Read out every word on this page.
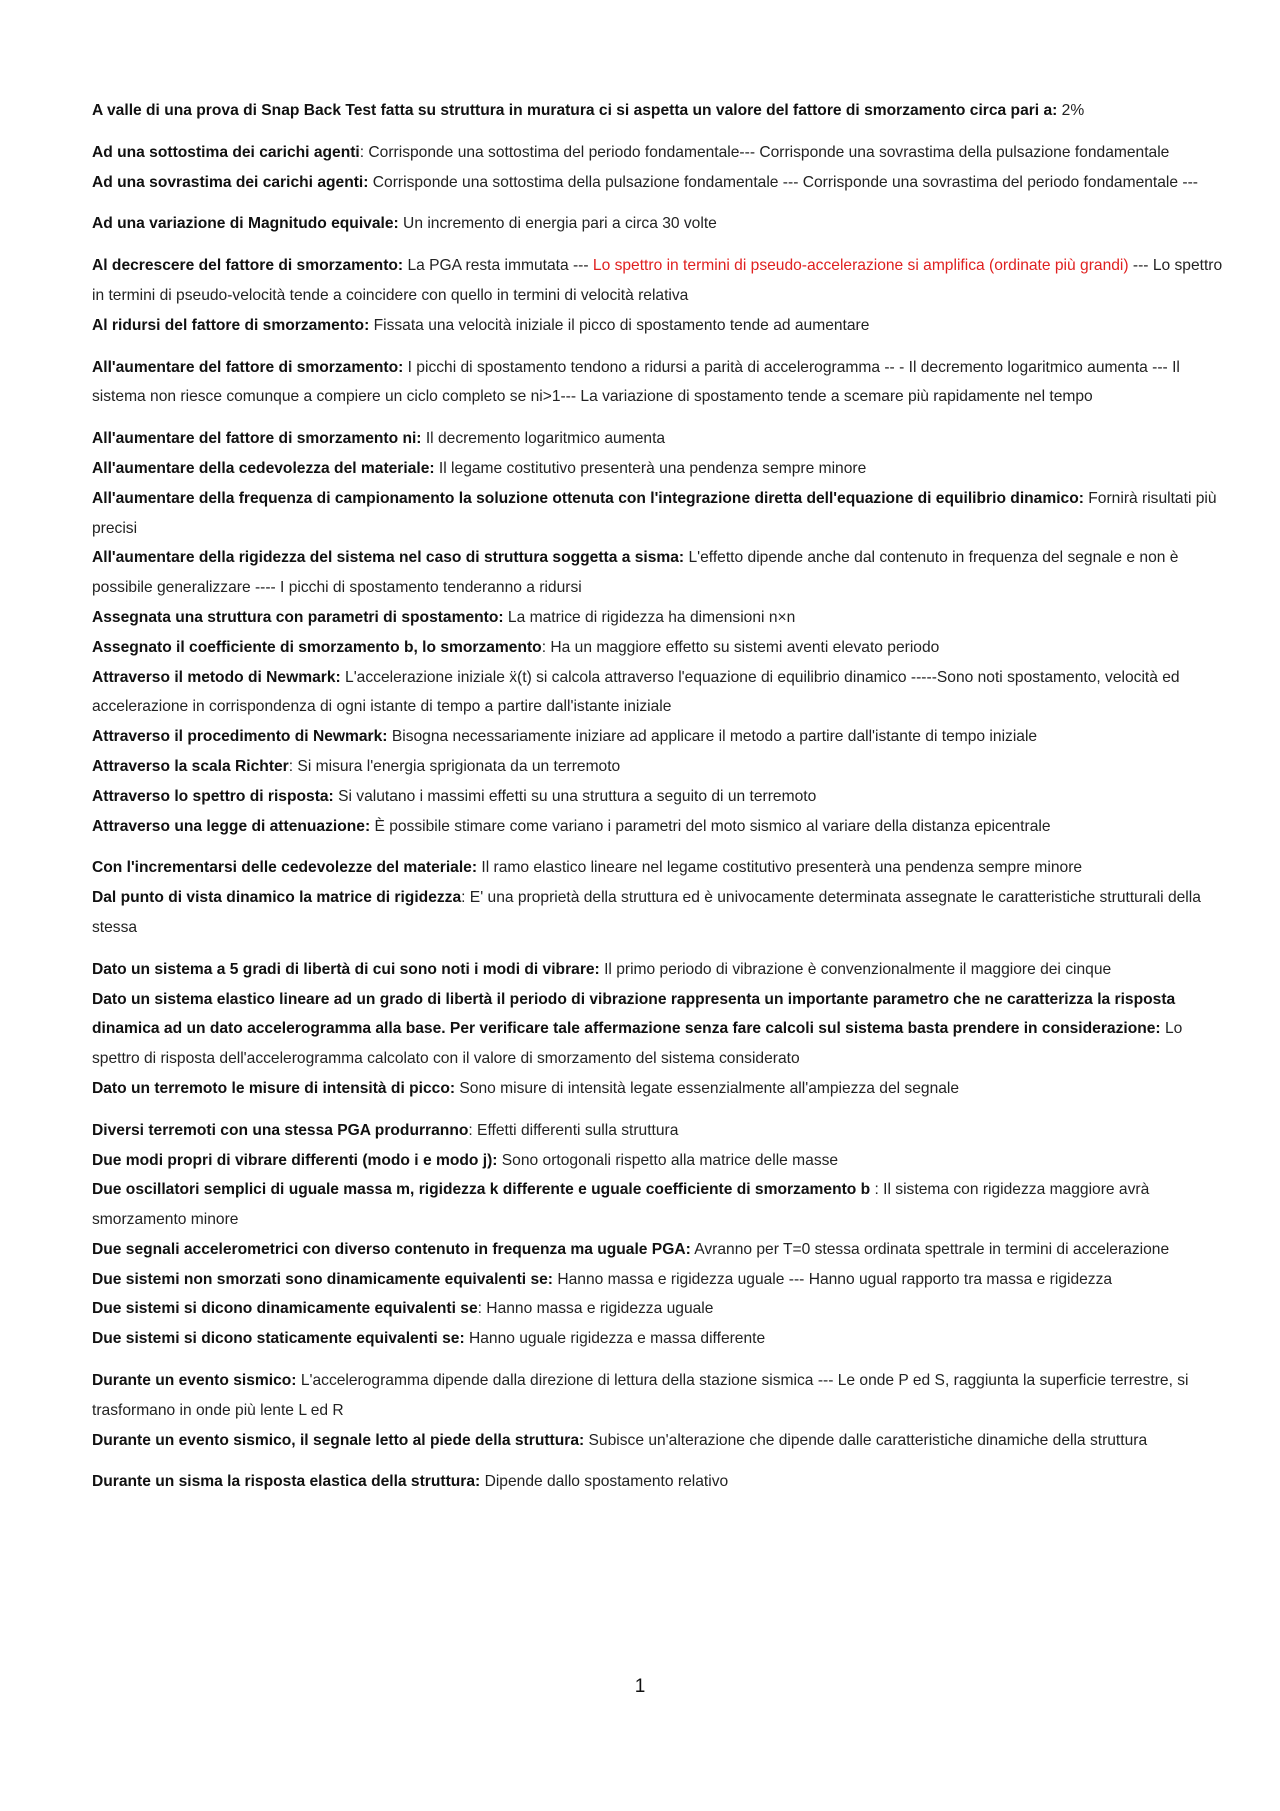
A valle di una prova di Snap Back Test fatta su struttura in muratura ci si aspetta un valore del fattore di smorzamento circa pari a: 2%

Ad una sottostima dei carichi agenti: Corrisponde una sottostima del periodo fondamentale--- Corrisponde una sovrastima della pulsazione fondamentale

Ad una sovrastima dei carichi agenti: Corrisponde una sottostima della pulsazione fondamentale --- Corrisponde una sovrastima del periodo fondamentale ---

Ad una variazione di Magnitudo equivale: Un incremento di energia pari a circa 30 volte

Al decrescere del fattore di smorzamento: La PGA resta immutata --- Lo spettro in termini di pseudo-accelerazione si amplifica (ordinate più grandi) --- Lo spettro in termini di pseudo-velocità tende a coincidere con quello in termini di velocità relativa

Al ridursi del fattore di smorzamento: Fissata una velocità iniziale il picco di spostamento tende ad aumentare

All'aumentare del fattore di smorzamento: I picchi di spostamento tendono a ridursi a parità di accelerogramma -- - Il decremento logaritmico aumenta --- Il sistema non riesce comunque a compiere un ciclo completo se ni>1--- La variazione di spostamento tende a scemare più rapidamente nel tempo

All'aumentare del fattore di smorzamento ni: Il decremento logaritmico aumenta

All'aumentare della cedevolezza del materiale: Il legame costitutivo presenterà una pendenza sempre minore

All'aumentare della frequenza di campionamento la soluzione ottenuta con l'integrazione diretta dell'equazione di equilibrio dinamico: Fornirà risultati più precisi

All'aumentare della rigidezza del sistema nel caso di struttura soggetta a sisma: L'effetto dipende anche dal contenuto in frequenza del segnale e non è possibile generalizzare ---- I picchi di spostamento tenderanno a ridursi

Assegnata una struttura con parametri di spostamento: La matrice di rigidezza ha dimensioni n×n

Assegnato il coefficiente di smorzamento b, lo smorzamento: Ha un maggiore effetto su sistemi aventi elevato periodo

Attraverso il metodo di Newmark: L'accelerazione iniziale ẍ(t) si calcola attraverso l'equazione di equilibrio dinamico -----Sono noti spostamento, velocità ed accelerazione in corrispondenza di ogni istante di tempo a partire dall'istante iniziale

Attraverso il procedimento di Newmark: Bisogna necessariamente iniziare ad applicare il metodo a partire dall'istante di tempo iniziale

Attraverso la scala Richter: Si misura l'energia sprigionata da un terremoto

Attraverso lo spettro di risposta: Si valutano i massimi effetti su una struttura a seguito di un terremoto

Attraverso una legge di attenuazione: È possibile stimare come variano i parametri del moto sismico al variare della distanza epicentrale

Con l'incrementarsi delle cedevolezze del materiale: Il ramo elastico lineare nel legame costitutivo presenterà una pendenza sempre minore

Dal punto di vista dinamico la matrice di rigidezza: E' una proprietà della struttura ed è univocamente determinata assegnate le caratteristiche strutturali della stessa

Dato un sistema a 5 gradi di libertà di cui sono noti i modi di vibrare: Il primo periodo di vibrazione è convenzionalmente il maggiore dei cinque

Dato un sistema elastico lineare ad un grado di libertà il periodo di vibrazione rappresenta un importante parametro che ne caratterizza la risposta dinamica ad un dato accelerogramma alla base. Per verificare tale affermazione senza fare calcoli sul sistema basta prendere in considerazione: Lo spettro di risposta dell'accelerogramma calcolato con il valore di smorzamento del sistema considerato

Dato un terremoto le misure di intensità di picco: Sono misure di intensità legate essenzialmente all'ampiezza del segnale

Diversi terremoti con una stessa PGA produrranno: Effetti differenti sulla struttura

Due modi propri di vibrare differenti (modo i e modo j): Sono ortogonali rispetto alla matrice delle masse

Due oscillatori semplici di uguale massa m, rigidezza k differente e uguale coefficiente di smorzamento b : Il sistema con rigidezza maggiore avrà smorzamento minore

Due segnali accelerometrici con diverso contenuto in frequenza ma uguale PGA: Avranno per T=0 stessa ordinata spettrale in termini di accelerazione

Due sistemi non smorzati sono dinamicamente equivalenti se: Hanno massa e rigidezza uguale --- Hanno ugual rapporto tra massa e rigidezza

Due sistemi si dicono dinamicamente equivalenti se: Hanno massa e rigidezza uguale

Due sistemi si dicono staticamente equivalenti se: Hanno uguale rigidezza e massa differente

Durante un evento sismico: L'accelerogramma dipende dalla direzione di lettura della stazione sismica --- Le onde P ed S, raggiunta la superficie terrestre, si trasformano in onde più lente L ed R

Durante un evento sismico, il segnale letto al piede della struttura: Subisce un'alterazione che dipende dalle caratteristiche dinamiche della struttura

Durante un sisma la risposta elastica della struttura: Dipende dallo spostamento relativo

1
